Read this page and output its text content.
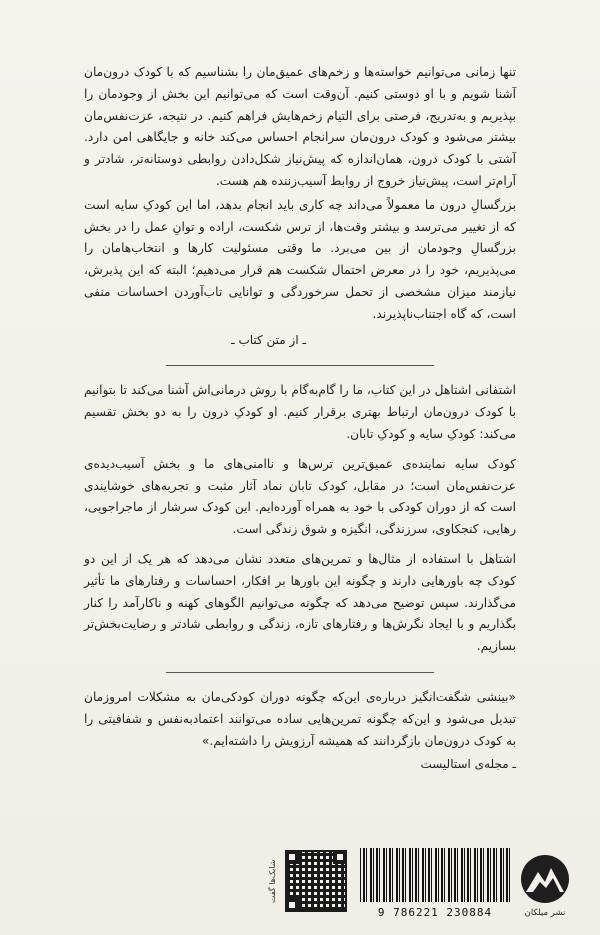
تنها زمانی می‌توانیم خواسته‌ها و زخم‌های عمیق‌مان را بشناسیم که با کودک درون‌مان آشنا شویم و با او دوستی کنیم. آن‌وقت است که می‌توانیم این بخش از وجودمان را بپذیریم و به‌تدریج، فرصتی برای التیام زخم‌هایش فراهم کنیم. در نتیجه، عزت‌نفس‌مان بیشتر می‌شود و کودک درون‌مان سرانجام احساس می‌کند خانه و جایگاهی امن دارد. آشتی با کودک درون، همان‌اندازه که پیش‌نیاز شکل‌دادن روابطی دوستانه‌تر، شادتر و آرام‌تر است، پیش‌نیاز خروج از روابط آسیب‌زننده هم هست.

بزرگسالِ درون ما معمولاً می‌داند چه کاری باید انجام بدهد، اما این کودکِ سایه است که از تغییر می‌ترسد و بیشتر وقت‌ها، از ترس شکست، اراده و توانِ عمل را در بخش بزرگسالِ وجودمان از بین می‌برد. ما وقتی مسئولیت کارها و انتخاب‌هامان را می‌پذیریم، خود را در معرض احتمال شکست هم قرار می‌دهیم؛ البته که این پذیرش، نیازمند میزان مشخصی از تحمل سرخوردگی و توانایی تاب‌آوردن احساسات منفی است، که گاه اجتناب‌ناپذیرند.

ـ از متن کتاب ـ

اشتفانی اشتاهل در این کتاب، ما را گام‌به‌گام با روش درمانی‌اش آشنا می‌کند تا بتوانیم با کودک درون‌مان ارتباط بهتری برقرار کنیم. او کودکِ درون را به دو بخش تقسیم می‌کند: کودکِ سایه و کودکِ تابان.

کودک سایه نماینده‌ی عمیق‌ترین ترس‌ها و ناامنی‌های ما و بخش آسیب‌دیده‌ی عزت‌نفس‌مان است؛ در مقابل، کودک تابان نماد آثار مثبت و تجربه‌های خوشایندی است که از دوران کودکی با خود به همراه آورده‌ایم. این کودک سرشار از ماجراجویی، رهایی، کنجکاوی، سرزندگی، انگیزه و شوق زندگی است.

اشتاهل با استفاده از مثال‌ها و تمرین‌های متعدد نشان می‌دهد که هر یک از این دو کودک چه باورهایی دارند و چگونه این باورها بر افکار، احساسات و رفتارهای ما تأثیر می‌گذارند. سپس توضیح می‌دهد که چگونه می‌توانیم الگوهای کهنه و ناکارآمد را کنار بگذاریم و با ایجاد نگرش‌ها و رفتارهای تازه، زندگی و روابطی شادتر و رضایت‌بخش‌تر بسازیم.

«بینشی شگفت‌انگیز درباره‌ی این‌که چگونه دوران کودکی‌مان به مشکلات امروزمان تبدیل می‌شود و این‌که چگونه تمرین‌هایی ساده می‌توانند اعتمادبه‌نفس و شفافیتی را به کودک درون‌مان بازگردانند که همیشه آرزویش را داشته‌ایم.»

ـ مجله‌ی استالیست
شابک‌ها گفت
9 786221 230884	نشر میلکان
